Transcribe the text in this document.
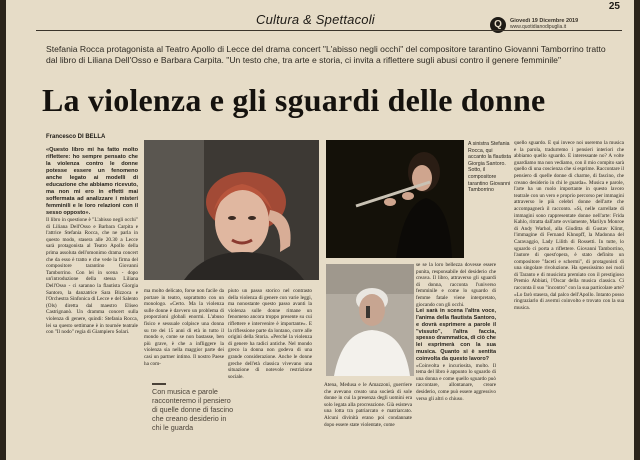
25
Cultura & Spettacoli	Q	Giovedì 19 Dicembre 2019
www.quotidianodipuglia.it
Stefania Rocca protagonista al Teatro Apollo di Lecce del drama concert "L'abisso negli occhi" del compositore tarantino Giovanni Tamborrino tratto dal libro di Liliana Dell'Osso e Barbara Carpita. "Un testo che, tra arte e storia, ci invita a riflettere sugli abusi contro il genere femminile"
La violenza e gli sguardi delle donne
Francesco DI BELLA

«Questo libro mi ha fatto molto riflettere: ho sempre pensato che la violenza contro le donne potesse essere un fenomeno anche legato ai modelli di educazione che abbiamo ricevuto, ma non mi ero in effetti mai soffermata ad analizzare i misteri femminili e le loro relazioni con il sesso opposto».

Il libro in questione è "L'abisso negli occhi" di Liliana Dell'Osso e Barbara Carpita e l'attrice Stefania Rocca, che ne parla in questo modo, stasera alle 20.30 a Lecce sarà protagonista al Teatro Apollo della prima assoluta dell'omonimo drama concert che da esso è tratto e che vede la firma del compositore tarantino Giovanni Tamborrino. Con lei in scena - dopo un'introduzione della stessa Liliana Dell'Osso - ci saranno la flautista Giorgia Santoro, la danzatrice Sara Bizzoca e l'Orchestra Sinfonica di Lecce e del Salento (Ols) diretta dal maestro Eliseo Castrignanò. Un dramma concert sulla violenza di genere, quindi: Stefania Rocca, lei sa questo settimane è in tournée teatrale con "Il nodo" regia di Giampiero Solari.

A sinistra Stefania Rocca, qui accanto la flautista Giorgia Santoro. Sotto, il compositore tarantino Giovanni Tamborrino
ma molto delicato, forse non facile da portare in teatro, soprattutto con un monologo. «Certo. Ma la violenza sulle donne è davvero un problema di proporzioni globali enormi. L'abuso fisico e sessuale colpisce una donna su tre dei 15 anni di età in tutto il mondo e, come se non bastasse, ben più grave, è che a infliggere la violenza sia nella maggior parte dei casi un partner intimo. Il nostro Paese ha com-
piuto un passo storico nel contrasto della violenza di genere con varie leggi, ma nonostante questo passo avanti la violenza sulle donne rimane un fenomeno ancora troppo presente su cui riflettere e intervenire è importante». E la riflessione parte da lontano, corre alle origini della Storia. «Perché la violenza di genere ha radici antiche. Nel mondo greco la donna non godeva di una grande considerazione. Anche le donne greche dell'età classica vivevano una situazione di notevole restrizione sociale.
Con musica e parole racconteremo il pensiero di quelle donne di fascino che creano desiderio in chi le guarda
Atena, Medusa e le Amazzoni, guerriere che avevano creato una società di sole donne in cui la presenza degli uomini era solo legata alla procreazione. Già esisteva una lotta tra patriarcato e matriarcato. Alcuni divinità erano poi condannate dopo essere state violentate, come

se se la loro bellezza dovesse essere punita, responsabile del desiderio che creava. Il libro, attraverso gli sguardi di donna, racconta l'universo femminile e come lo sguardo di femme fatale viene interpretato, giocando con gli occhi.

Lei sarà in scena l'altra voce, l'anima della flautista Santoro, e dovrà esprimere a parole il "vissuto", l'altra faccia, spesso drammatica, di ciò che lei esprimerà con la sua musica. Quanto si è sentita coinvolta da questo lavoro?

«Coinvolta e incuriosita, molto. Il tema del libro è appunto lo sguardo di una donna e come quello sguardo può raccontare, allontanare, creare desiderio, come può essere aggressivo verso gli altri o chiuso.

quello sguardo. E qui invece noi useremo la musica e la parola, tradurremo i pensieri interiori che abbiamo quello sguardo. E interessante no? A volte guardiamo ma non vediamo, con il mio compito sarà quello di una coscienza che si esprime. Raccontare il pensiero di quelle donne di charme, di fascino, che creano desiderio in chi le guarda». Musica e parole, l'arte ha un ruolo importante in questo lavoro teatrale con un vero e proprio percorso per immagini attraverso le più celebri donne dell'arte che accompagnerà il racconto. «Si, nelle carrellate di immagini sono rappresentate donne nell'arte: Frida Kahlo, ritratta dall'arte ovviamente, Marilyn Monroe di Andy Warhol, alla Giuditta di Gustav Klimt, l'immagine di Fernand Khnopff, la Madonna del Caravaggio, Lady Lilith di Rossetti. In tutte, lo sguardo ci porta a riflettere. Giovanni Tamborrino, l'autore di quest'opera, è stato definito un compositore "faceti e schermi", di protagonisti di una singolare rivoluzione. Ha spessissimo nei ruoli di Taranto e di musicista premiato con il prestigioso Premio Abbiati, l'Oscar della musica classica. Ci racconta il suo "incontro" con la sua particolare arte? «Lo farò stasera, dal palco dell'Apollo. Intanto posso ringraziarlo di avermi coinvolto e trovato con la sua musica.
